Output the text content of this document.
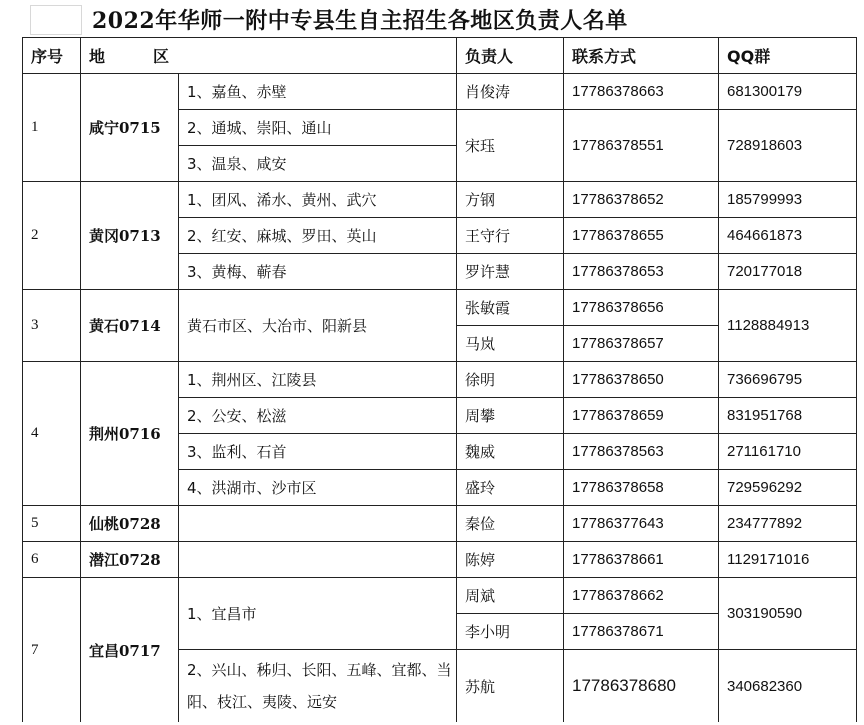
2022年华师一附中专县生自主招生各地区负责人名单
序号	地　　　区		负责人	联系方式	QQ群
1	咸宁0715	1、嘉鱼、赤壁	肖俊涛	17786378663	681300179
		2、通城、崇阳、通山	宋珏	17786378551	728918603
		3、温泉、咸安			
2	黄冈0713	1、团风、浠水、黄州、武穴	方钢	17786378652	185799993
		2、红安、麻城、罗田、英山	王守行	17786378655	464661873
		3、黄梅、蕲春	罗许慧	17786378653	720177018
3	黄石0714	黄石市区、大冶市、阳新县	张敏霞	17786378656	1128884913
			马岚	17786378657	
4	荆州0716	1、荆州区、江陵县	徐明	17786378650	736696795
		2、公安、松滋	周攀	17786378659	831951768
		3、监利、石首	魏威	17786378563	271161710
		4、洪湖市、沙市区	盛玲	17786378658	729596292
5	仙桃0728		秦俭	17786377643	234777892
6	潜江0728		陈婷	17786378661	1129171016
7	宜昌0717	1、宜昌市	周斌	17786378662	303190590
			李小明	17786378671	
		2、兴山、秭归、长阳、五峰、宜都、当阳、枝江、夷陵、远安	苏航	17786378680	340682360
